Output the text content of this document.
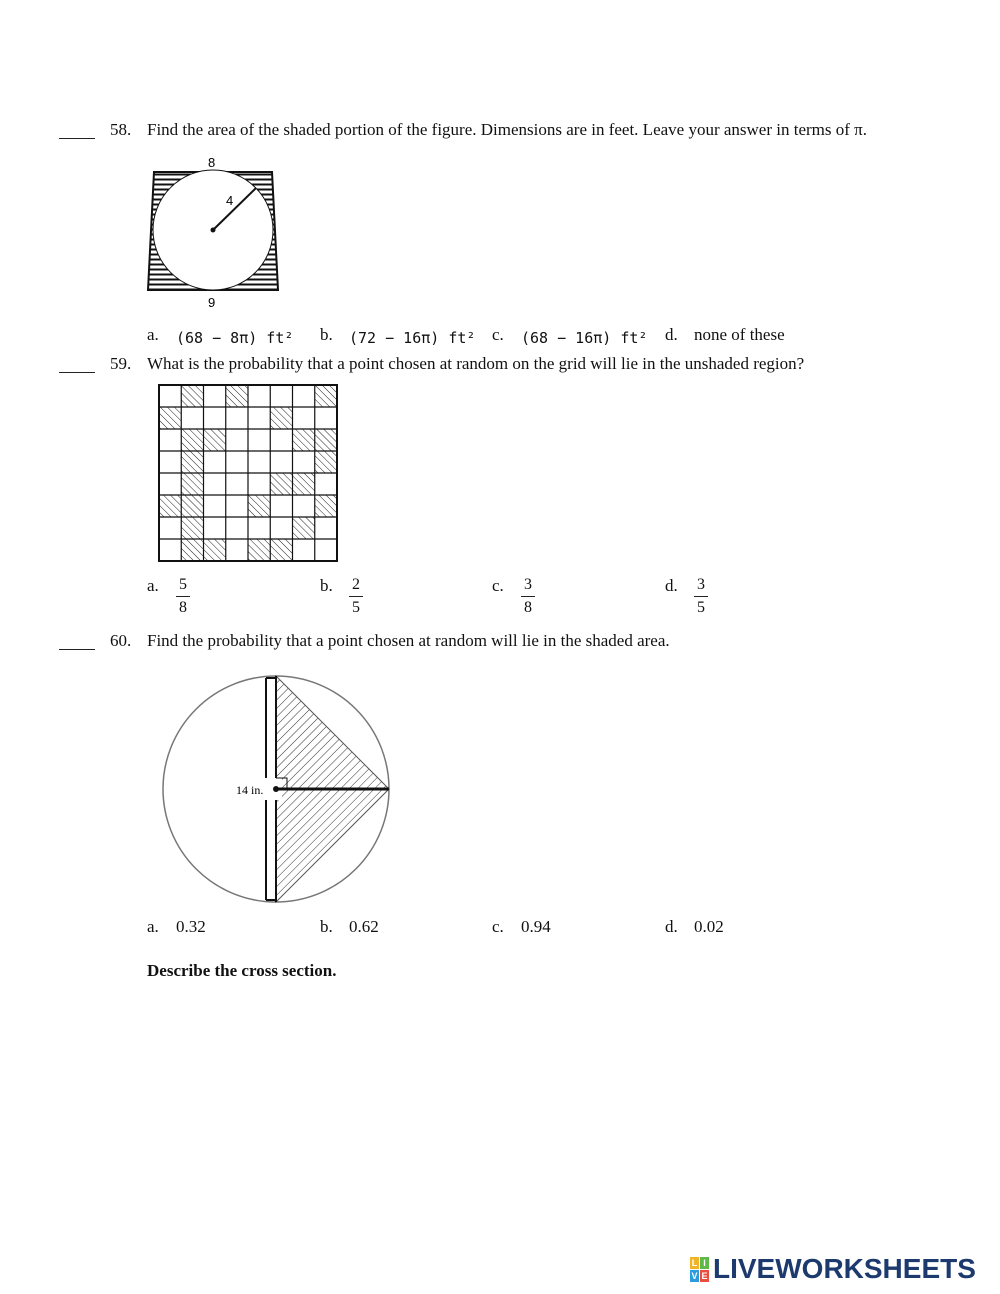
58. Find the area of the shaded portion of the figure. Dimensions are in feet. Leave your answer in terms of π.
8
4
9
a. (68 − 8π) ft² b. (72 − 16π) ft² c. (68 − 16π) ft² d. none of these
59. What is the probability that a point chosen at random on the grid will lie in the unshaded region?
a. 5
8
b. 2
5
c. 3
8
d. 3
5
60. Find the probability that a point chosen at random will lie in the shaded area.
14 in.
a. 0.32	b. 0.62	c. 0.94	d. 0.02
Describe the cross section.
L I
V E LIVEWORKSHEETS
